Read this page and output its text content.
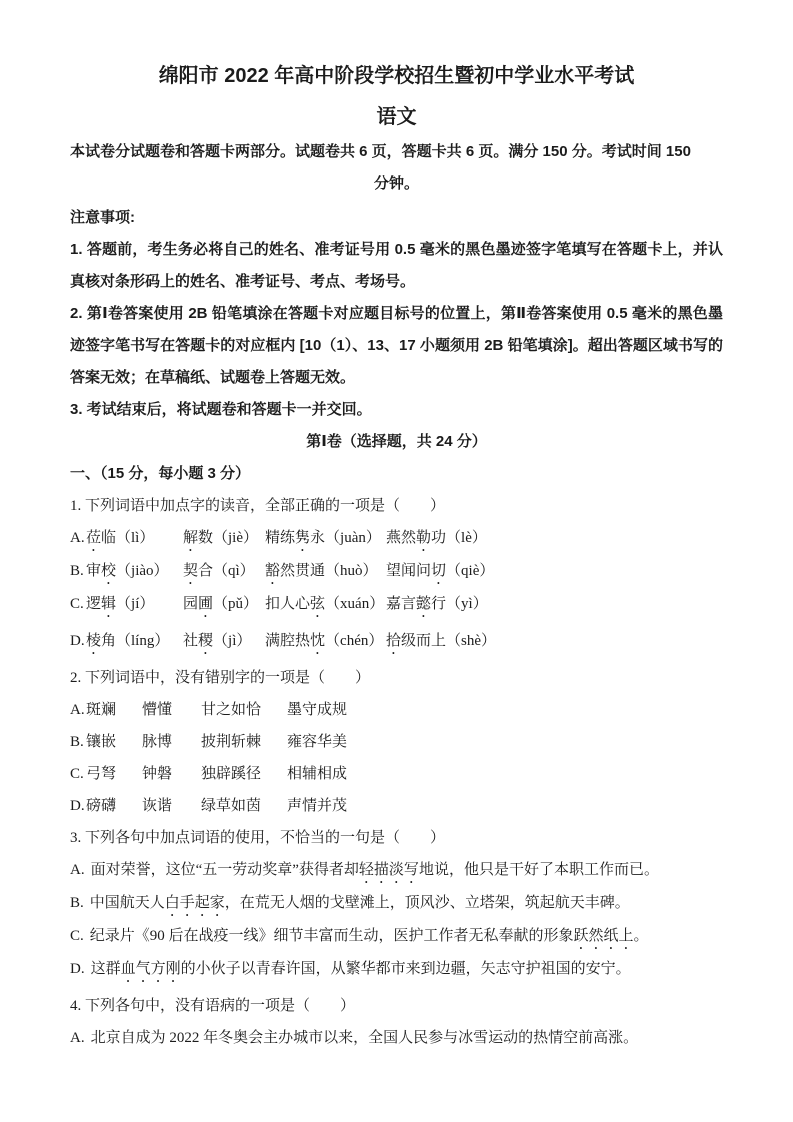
绵阳市 2022 年高中阶段学校招生暨初中学业水平考试
语文

本试卷分试题卷和答题卡两部分。试题卷共 6 页，答题卡共 6 页。满分 150 分。考试时间 150

分钟。

注意事项:

1. 答题前，考生务必将自己的姓名、准考证号用 0.5 毫米的黑色墨迹签字笔填写在答题卡上，并认真核对条形码上的姓名、准考证号、考点、考场号。

2. 第Ⅰ卷答案使用 2B 铅笔填涂在答题卡对应题目标号的位置上，第Ⅱ卷答案使用 0.5 毫米的黑色墨迹签字笔书写在答题卡的对应框内 [10（1）、13、17 小题须用 2B 铅笔填涂]。超出答题区域书写的答案无效；在草稿纸、试题卷上答题无效。

3. 考试结束后，将试题卷和答题卡一并交回。

第Ⅰ卷（选择题，共 24 分）

一、（15 分，每小题 3 分）

1. 下列词语中加点字的读音，全部正确的一项是（　　）

A. 莅临（lì）	解数（jiè） 精练隽永（juàn） 燕然勒功（lè）
B. 审校（jiào） 契合（qì） 豁然贯通（huò） 望闻问切（qiè）
C. 逻辑（jí）	园圃（pǔ） 扣人心弦（xuán） 嘉言懿行（yì）
D. 棱角（líng） 社稷（jì） 满腔热忱（chén） 拾级而上（shè）

2. 下列词语中，没有错别字的一项是（　　）

A. 斑斓	懵懂	甘之如恰	墨守成规
B. 镶嵌	脉博	披荆斩棘	雍容华美
C. 弓弩	钟磐	独辟蹊径	相辅相成
D. 磅礴	诙谐	绿草如茵	声情并茂

3. 下列各句中加点词语的使用，不恰当的一句是（　　）

A. 面对荣誉，这位“五一劳动奖章”获得者却轻描淡写地说，他只是干好了本职工作而已。
B. 中国航天人白手起家，在荒无人烟的戈壁滩上，顶风沙、立塔架，筑起航天丰碑。
C. 纪录片《90 后在战疫一线》细节丰富而生动，医护工作者无私奉献的形象跃然纸上。
D. 这群血气方刚的小伙子以青春许国，从繁华都市来到边疆，矢志守护祖国的安宁。

4. 下列各句中，没有语病的一项是（　　）

A. 北京自成为 2022 年冬奥会主办城市以来，全国人民参与冰雪运动的热情空前高涨。
